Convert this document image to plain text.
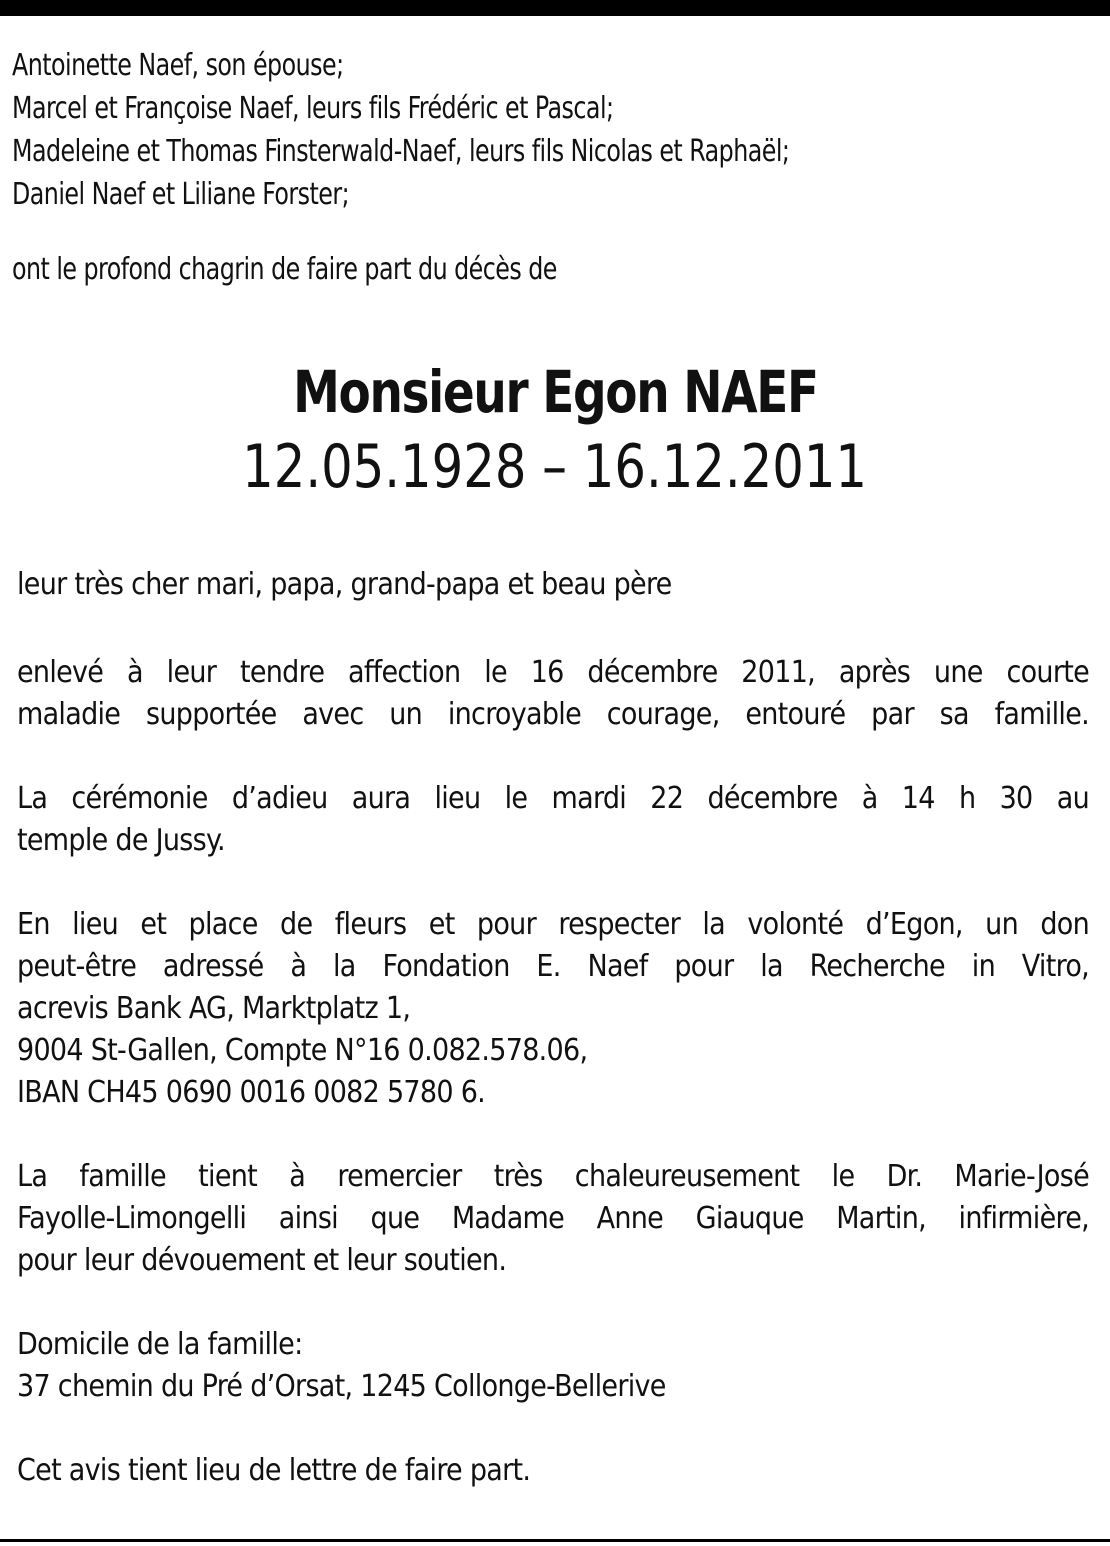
Antoinette Naef, son épouse;
Marcel et Françoise Naef, leurs fils Frédéric et Pascal;
Madeleine et Thomas Finsterwald-Naef, leurs fils Nicolas et Raphaël;
Daniel Naef et Liliane Forster;
ont le profond chagrin de faire part du décès de
Monsieur Egon NAEF
12.05.1928 – 16.12.2011
leur très cher mari, papa, grand-papa et beau père
enlevé à leur tendre affection le 16 décembre 2011, après une courte
maladie supportée avec un incroyable courage, entouré par sa famille.
La cérémonie d’adieu aura lieu le mardi 22 décembre à 14 h 30 au
temple de Jussy.
En lieu et place de fleurs et pour respecter la volonté d’Egon, un don
peut-être adressé à la Fondation E. Naef pour la Recherche in Vitro,
acrevis Bank AG, Marktplatz 1,
9004 St-Gallen, Compte N°16 0.082.578.06,
IBAN CH45 0690 0016 0082 5780 6.
La famille tient à remercier très chaleureusement le Dr. Marie-José
Fayolle-Limongelli ainsi que Madame Anne Giauque Martin, infirmière,
pour leur dévouement et leur soutien.
Domicile de la famille:
37 chemin du Pré d’Orsat, 1245 Collonge-Bellerive
Cet avis tient lieu de lettre de faire part.
